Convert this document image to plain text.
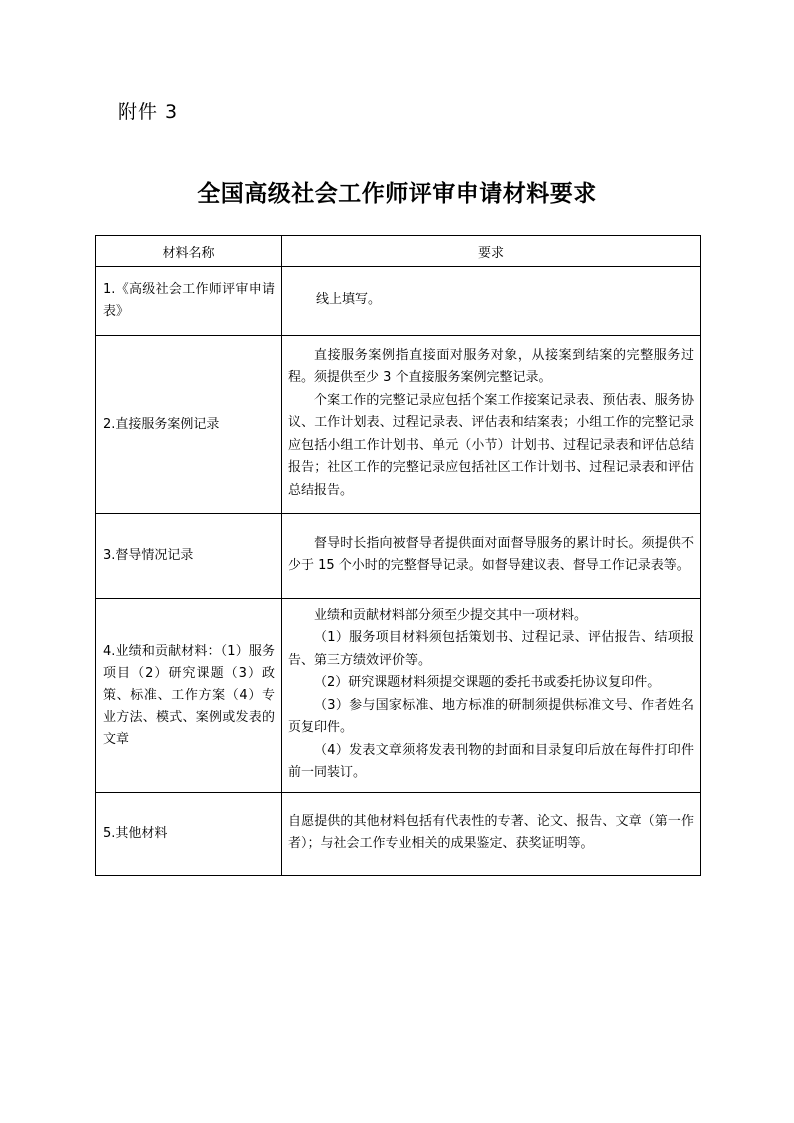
附件 3
全国高级社会工作师评审申请材料要求
材料名称	要求
1.《高级社会工作师评审申请表》	线上填写。

2.直接服务案例记录	直接服务案例指直接面对服务对象，从接案到结案的完整服务过程。须提供至少 3 个直接服务案例完整记录。

个案工作的完整记录应包括个案工作接案记录表、预估表、服务协议、工作计划表、过程记录表、评估表和结案表；小组工作的完整记录应包括小组工作计划书、单元（小节）计划书、过程记录表和评估总结报告；社区工作的完整记录应包括社区工作计划书、过程记录表和评估总结报告。

3.督导情况记录	督导时长指向被督导者提供面对面督导服务的累计时长。须提供不少于 15 个小时的完整督导记录。如督导建议表、督导工作记录表等。

4.业绩和贡献材料：（1）服务项目（2）研究课题（3）政策、标准、工作方案（4）专业方法、模式、案例或发表的文章	业绩和贡献材料部分须至少提交其中一项材料。

（1）服务项目材料须包括策划书、过程记录、评估报告、结项报告、第三方绩效评价等。

（2）研究课题材料须提交课题的委托书或委托协议复印件。

（3）参与国家标准、地方标准的研制须提供标准文号、作者姓名页复印件。

（4）发表文章须将发表刊物的封面和目录复印后放在每件打印件前一同装订。

5.其他材料	自愿提供的其他材料包括有代表性的专著、论文、报告、文章（第一作者）；与社会工作专业相关的成果鉴定、获奖证明等。
